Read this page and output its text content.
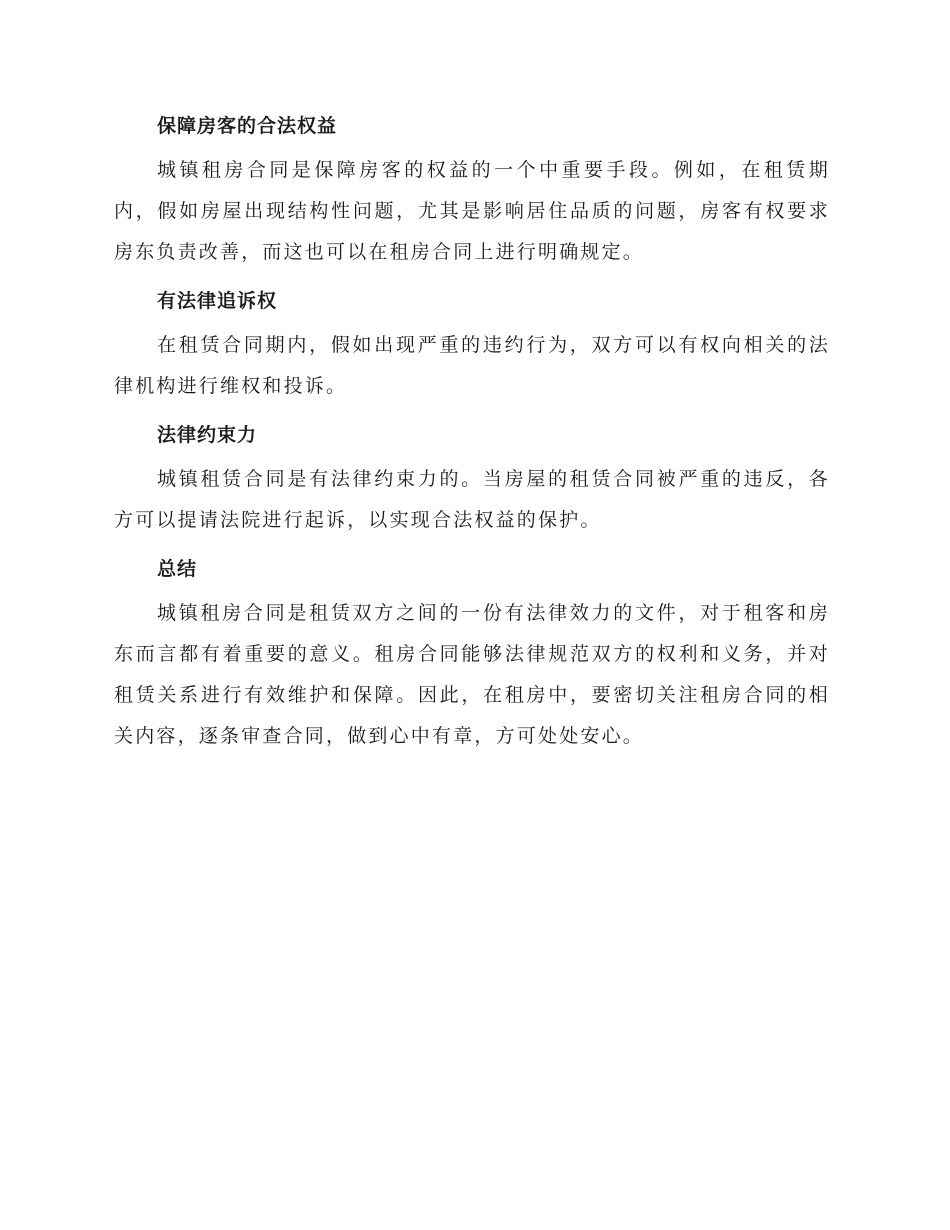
保障房客的合法权益

城镇租房合同是保障房客的权益的一个中重要手段。例如，在租赁期内，假如房屋出现结构性问题，尤其是影响居住品质的问题，房客有权要求房东负责改善，而这也可以在租房合同上进行明确规定。

有法律追诉权

在租赁合同期内，假如出现严重的违约行为，双方可以有权向相关的法律机构进行维权和投诉。

法律约束力

城镇租赁合同是有法律约束力的。当房屋的租赁合同被严重的违反，各方可以提请法院进行起诉，以实现合法权益的保护。

总结

城镇租房合同是租赁双方之间的一份有法律效力的文件，对于租客和房东而言都有着重要的意义。租房合同能够法律规范双方的权利和义务，并对租赁关系进行有效维护和保障。因此，在租房中，要密切关注租房合同的相关内容，逐条审查合同，做到心中有章，方可处处安心。
